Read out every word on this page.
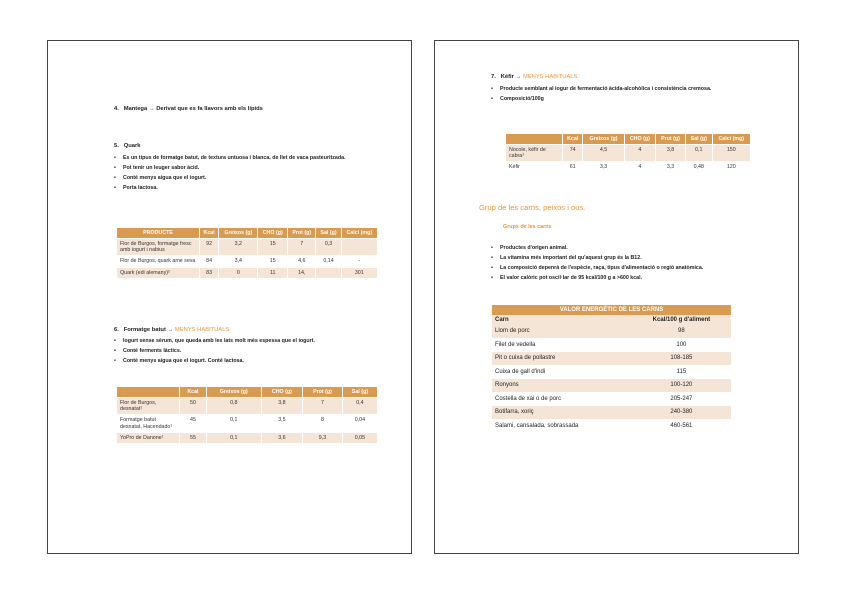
4. Mantega → Derivat que es fa llavors amb els lípids
5. Quark
• Es un tipus de formatge batut, de textura untuosa i blanca, de llet de vaca pasteuritzada.
• Pot tenir un leuger sabor àcid.
• Conté menys aigua que el iogurt.
• Porta lactosa.
PRODUCTE	Kcal	Greixos (g)	CHO (g)	Prot (g)	Sal (g)	Calci (mg)
Flor de Burgos, formatge fresc amb iogurt i nabius	92	3,2	15	7	0,3	
Flor de Burgos, quark ame seva	84	3,4	15	4,6	0,14	-
Quark (edi alemany)²	83	0	11	14,		301
6. Formatge batut → MENYS HABITUALS
• Iogurt sense sèrum, que queda amb les lats molt més espessa que el iogurt.
• Conté ferments làctics.
• Conté menys aigua que el iogurt. Conté lactosa.
	Kcal	Greixos (g)	CHO (g)	Prot (g)	Sal (g)
Flor de Burgos, desnatat¹	50	0,8	3,8	7	0,4
Formatge batut desnatat, Hacendado¹	45	0,1	3,5	8	0,04
YoPro de Danone¹	55	0,1	3,6	9,3	0,05
7. Kéfir → MENYS HABITUALS
• Producte semblant al iogur de fermentació àcida-alcohòlica i consistència cremosa.
• Composició/100g
	Kcal	Greixos (g)	CHO (g)	Prot (g)	Sal (g)	Calci (mg)
Nocole, kéfir de cabra¹	74	4,5	4	3,8	0,1	150
Kéfir	61	3,3	4	3,3	0,48	120
Grup de les carns, peixos i ous.
Grups de les carns
• Productes d'origen animal.
• La vitamina més important del qu'aquest grup és la B12.
• La composició depenrà de l'espècie, raça, tipus d'alimentació o regió anatòmica.
• El valor calòric pot oscil·lar de 95 kcal/100 g a >600 kcal.
VALOR ENERGÈTIC DE LES CARNS	
Carn	Kcal/100 g d'aliment
Llom de porc	98
Filet de vedella	100
Pit o cuixa de pollastre	108-185
Cuixa de gall d'indi	115
Ronyons	100-120
Costella de xai o de porc	205-247
Botifarra, xoriç	240-380
Salami, cansalada, sobrassada	460-561
